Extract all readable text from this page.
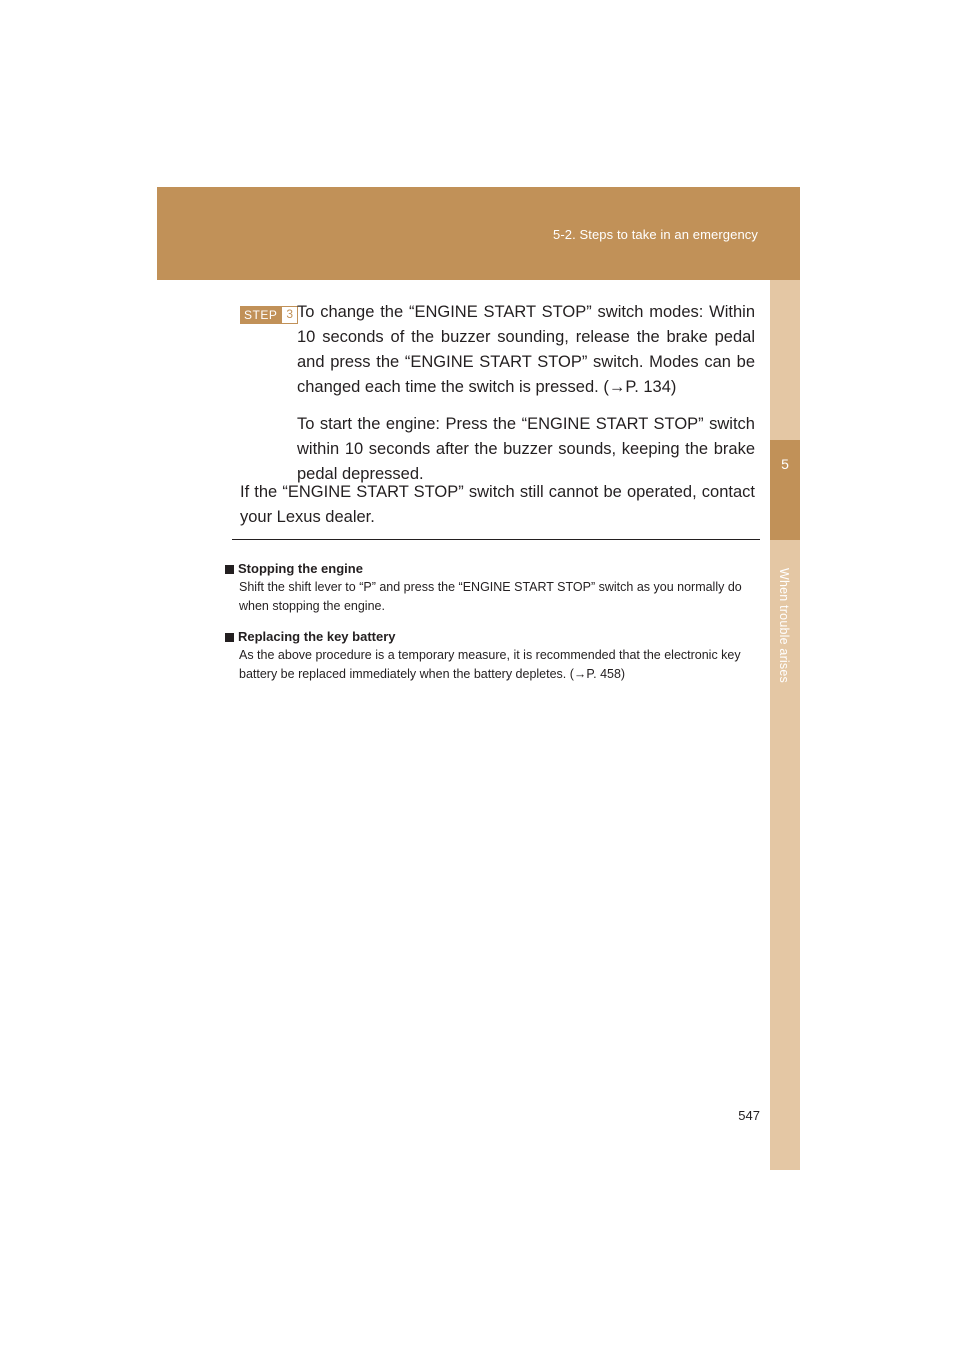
5-2. Steps to take in an emergency
5
When trouble arises
STEP 3 To change the “ENGINE START STOP” switch modes: Within 10 seconds of the buzzer sounding, release the brake pedal and press the “ENGINE START STOP” switch. Modes can be changed each time the switch is pressed. (→P. 134)

To start the engine: Press the “ENGINE START STOP” switch within 10 seconds after the buzzer sounds, keeping the brake pedal depressed.

If the “ENGINE START STOP” switch still cannot be operated, contact your Lexus dealer.
Stopping the engine
Shift the shift lever to “P” and press the “ENGINE START STOP” switch as you normally do when stopping the engine.
Replacing the key battery
As the above procedure is a temporary measure, it is recommended that the electronic key battery be replaced immediately when the battery depletes. (→P. 458)
547
